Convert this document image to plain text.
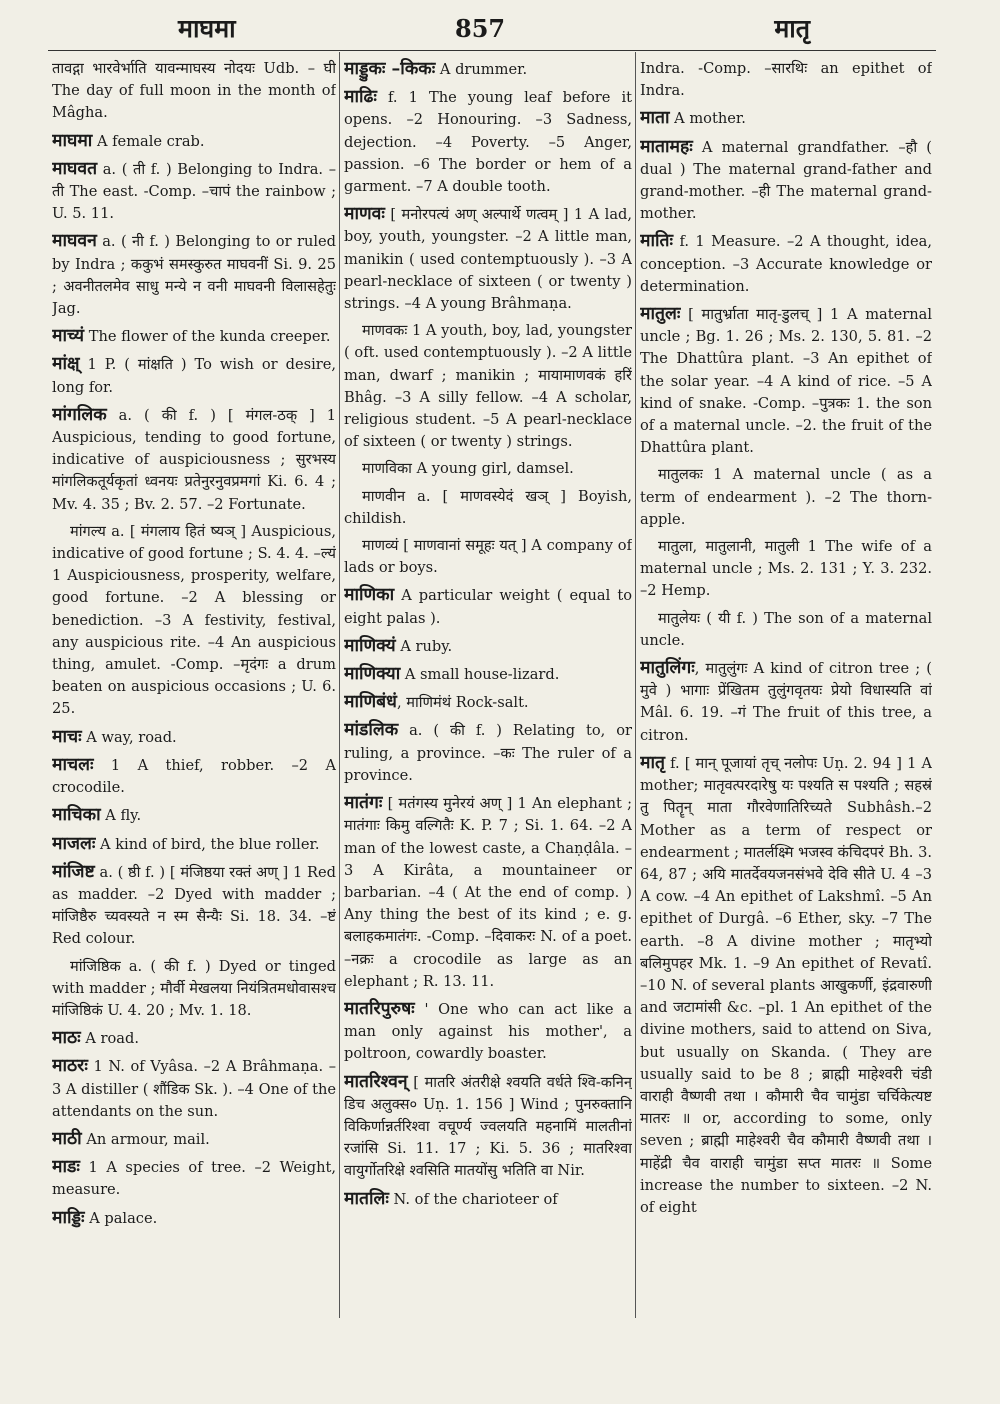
माघमा	857	मातृ

तावद्गा भारवेर्भाति यावन्माघस्य नोदयः Udb. – घी The day of full moon in the month of Mâgha.

माघमा A female crab.

माघवत a. ( ती f. ) Belonging to Indra. –ती The east. -Comp. –चापं the rainbow ; U. 5. 11.

माघवन a. ( नी f. ) Belonging to or ruled by Indra ; ककुभं समस्कुरुत माघवनीं Si. 9. 25 ; अवनीतलमेव साधु मन्ये न वनी माघवनी विलासहेतुः Jag.

माच्यं The flower of the kunda creeper.

मांक्ष् 1 P. ( मांक्षति ) To wish or desire, long for.

मांगलिक a. ( की f. ) [ मंगल-ठक् ] 1 Auspicious, tending to good fortune, indicative of auspiciousness ; सुरभस्य मांगलिकतूर्यकृतां ध्वनयः प्रतेनुरनुवप्रमगां Ki. 6. 4 ; Mv. 4. 35 ; Bv. 2. 57. –2 Fortunate.

मांगल्य a. [ मंगलाय हितं ष्यञ् ] Auspicious, indicative of good fortune ; S. 4. 4. –ल्यं 1 Auspiciousness, prosperity, welfare, good fortune. –2 A blessing or benediction. –3 A festivity, festival, any auspicious rite. –4 An auspicious thing, amulet. -Comp. –मृदंगः a drum beaten on auspicious occasions ; U. 6. 25.

माचः A way, road.

माचलः 1 A thief, robber. –2 A crocodile.

माचिका A fly.

माजलः A kind of bird, the blue roller.

मांजिष्ट a. ( ष्ठी f. ) [ मंजिष्ठया रक्तं अण् ] 1 Red as madder. –2 Dyed with madder ; मांजिष्ठैरु च्यवस्यते न स्म सैन्यैः Si. 18. 34. –ष्टं Red colour.

मांजिष्ठिक a. ( की f. ) Dyed or tinged with madder ; मौर्वी मेखलया नियंत्रितमधोवासश्च मांजिष्ठिकं U. 4. 20 ; Mv. 1. 18.

माठः A road.

माठरः 1 N. of Vyâsa. –2 A Brâhmaṇa. –3 A distiller ( शौंडिक Sk. ). –4 One of the attendants on the sun.

माठी An armour, mail.

माडः 1 A species of tree. –2 Weight, measure.

माड्डिः A palace.

माड्डुकः –किकः A drummer.

माढिः f. 1 The young leaf before it opens. –2 Honouring. –3 Sadness, dejection. –4 Poverty. –5 Anger, passion. –6 The border or hem of a garment. –7 A double tooth.

माणवः [ मनोरपत्यं अण् अल्पार्थे णत्वम् ] 1 A lad, boy, youth, youngster. –2 A little man, manikin ( used contemptuously ). –3 A pearl-necklace of sixteen ( or twenty ) strings. –4 A young Brâhmaṇa.

माणवकः 1 A youth, boy, lad, youngster ( oft. used contemptuously ). –2 A little man, dwarf ; manikin ; मायामाणवकं हरिं Bhâg. –3 A silly fellow. –4 A scholar, religious student. –5 A pearl-necklace of sixteen ( or twenty ) strings.

माणविका A young girl, damsel.

माणवीन a. [ माणवस्येदं खञ् ] Boyish, childish.

माणव्यं [ माणवानां समूहः यत् ] A company of lads or boys.

माणिका A particular weight ( equal to eight palas ).

माणिक्यं A ruby.

माणिक्या A small house-lizard.

माणिबंधं, माणिमंथं Rock-salt.

मांडलिक a. ( की f. ) Relating to, or ruling, a province. –कः The ruler of a province.

मातंगः [ मतंगस्य मुनेरयं अण् ] 1 An elephant ; मातंगाः किमु वल्गितैः K. P. 7 ; Si. 1. 64. –2 A man of the lowest caste, a Chaṇḍâla. –3 A Kirâta, a mountaineer or barbarian. –4 ( At the end of comp. ) Any thing the best of its kind ; e. g. बलाहकमातंगः. -Comp. –दिवाकरः N. of a poet. –नक्रः a crocodile as large as an elephant ; R. 13. 11.

मातरिपुरुषः ' One who can act like a man only against his mother', a poltroon, cowardly boaster.

मातरिश्वन् [ मातरि अंतरीक्षे श्वयति वर्धते श्वि-कनिन् डिच अलुक्स० Uṇ. 1. 156 ] Wind ; पुनरुक्तानि विकिर्णान्नर्तरिश्वा वचूर्ण्य ज्वलयति महनामिं मालतीनां रजांसि Si. 11. 17 ; Ki. 5. 36 ; मातरिश्वा वायुर्गोतरिक्षे श्वसिति मातयोंसु भतिति वा Nir.

मातलिः N. of the charioteer of

Indra. -Comp. –सारथिः an epithet of Indra.

माता A mother.

मातामहः A maternal grandfather. –हौ ( dual ) The maternal grand-father and grand-mother. –ही The maternal grand-mother.

मातिः f. 1 Measure. –2 A thought, idea, conception. –3 Accurate knowledge or determination.

मातुलः [ मातुर्भ्राता मातृ-डुलच् ] 1 A maternal uncle ; Bg. 1. 26 ; Ms. 2. 130, 5. 81. –2 The Dhattûra plant. –3 An epithet of the solar year. –4 A kind of rice. –5 A kind of snake. -Comp. –पुत्रकः 1. the son of a maternal uncle. –2. the fruit of the Dhattûra plant.

मातुलकः 1 A maternal uncle ( as a term of endearment ). –2 The thorn-apple.

मातुला, मातुलानी, मातुली 1 The wife of a maternal uncle ; Ms. 2. 131 ; Y. 3. 232. –2 Hemp.

मातुलेयः ( यी f. ) The son of a maternal uncle.

मातुलिंगः, मातुलुंगः A kind of citron tree ; ( मुवे ) भागाः प्रेंखितम तुलुंगवृतयः प्रेयो विधास्यति वां Mâl. 6. 19. –गं The fruit of this tree, a citron.

मातृ f. [ मान् पूजायां तृच् नलोपः Uṇ. 2. 94 ] 1 A mother; मातृवत्परदारेषु यः पश्यति स पश्यति ; सहस्रं तु पितॄन् माता गौरवेणातिरिच्यते Subhâsh.–2 Mother as a term of respect or endearment ; मातर्लक्ष्मि भजस्व कंचिदपरं Bh. 3. 64, 87 ; अयि मातर्देवयजनसंभवे देवि सीते U. 4 –3 A cow. –4 An epithet of Lakshmî. –5 An epithet of Durgâ. –6 Ether, sky. –7 The earth. –8 A divine mother ; मातृभ्यो बलिमुपहर Mk. 1. –9 An epithet of Revatî. –10 N. of several plants आखुकर्णी, इंद्रवारुणी and जटामांसी &c. –pl. 1 An epithet of the divine mothers, said to attend on Siva, but usually on Skanda. ( They are usually said to be 8 ; ब्राह्मी माहेश्वरी चंडी वाराही वैष्णवी तथा । कौमारी चैव चामुंडा चर्चिकेत्यष्ट मातरः ॥ or, according to some, only seven ; ब्राह्मी माहेश्वरी चैव कौमारी वैष्णवी तथा । माहेंद्री चैव वाराही चामुंडा सप्त मातरः ॥ Some increase the number to sixteen. –2 N. of eight
